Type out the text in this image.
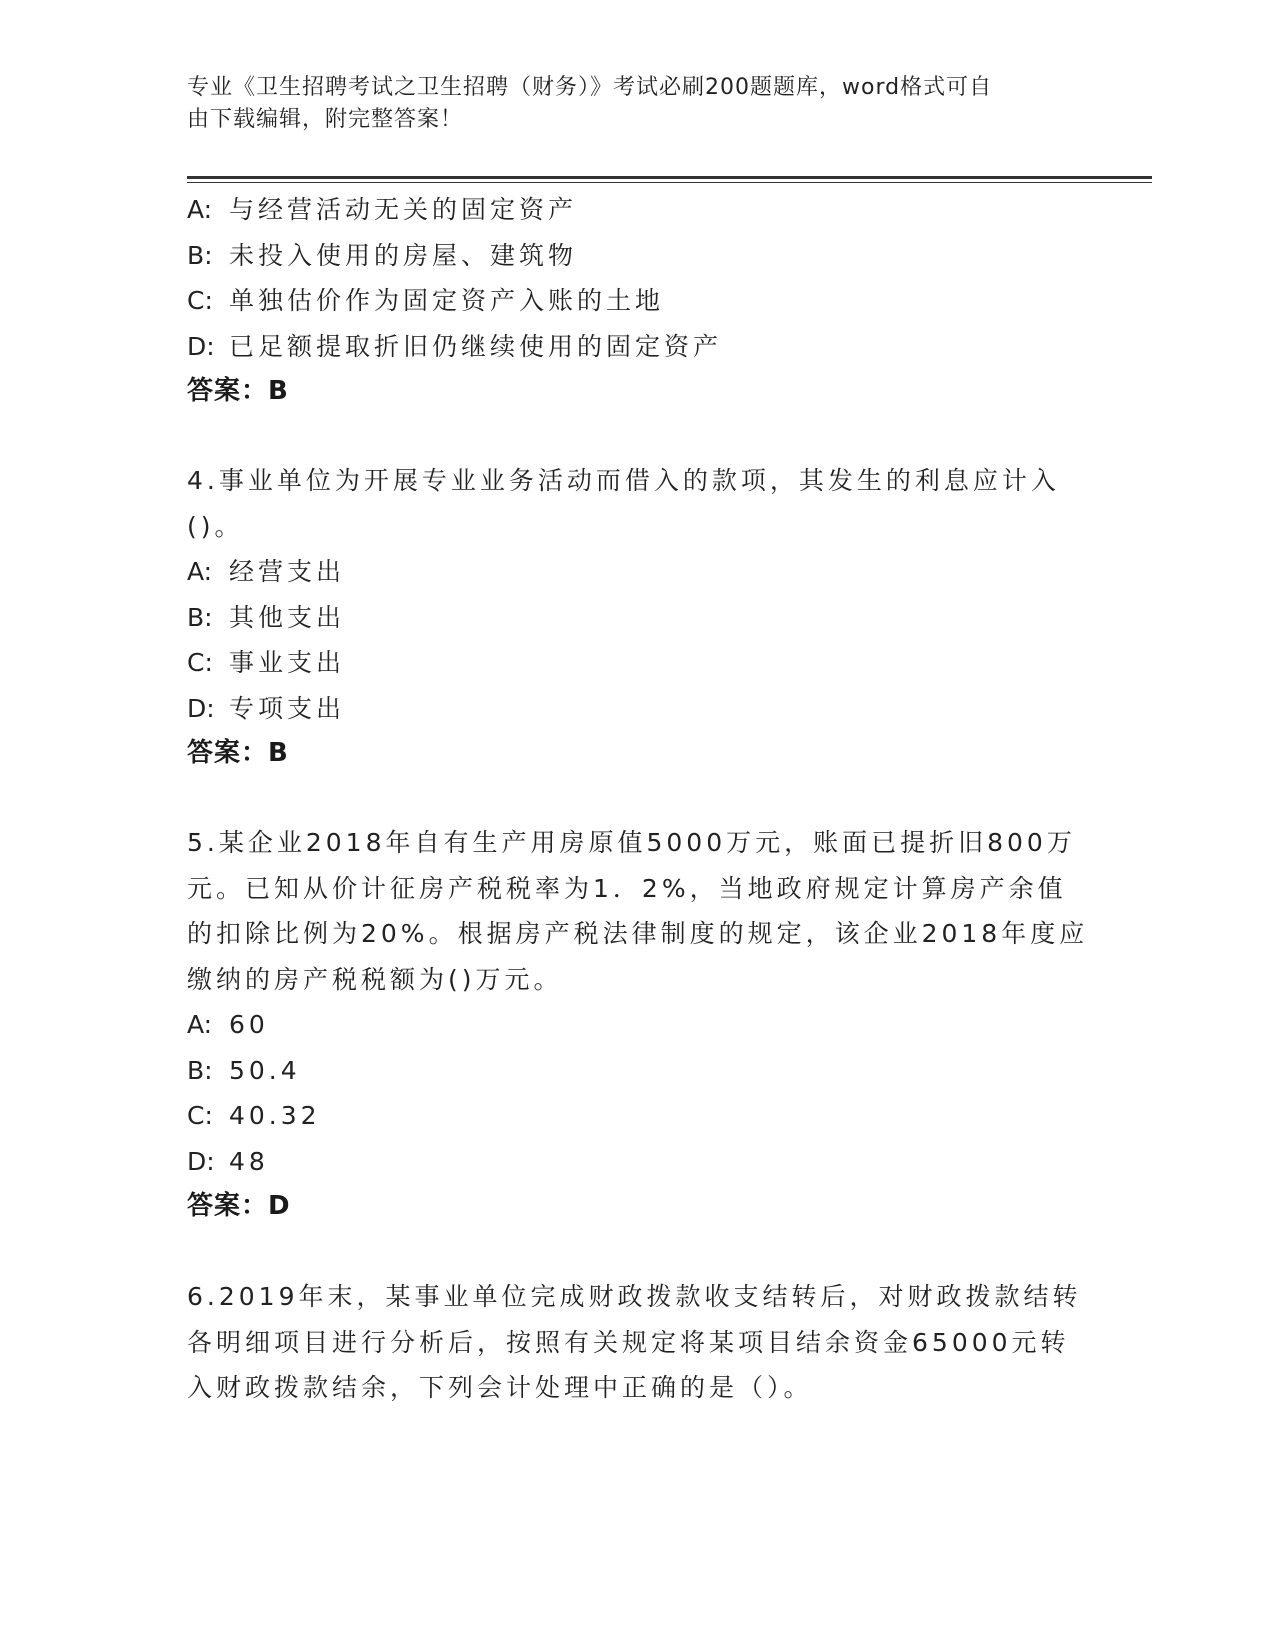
专业《卫生招聘考试之卫生招聘（财务）》考试必刷200题题库，word格式可自
由下载编辑，附完整答案！
A: 与经营活动无关的固定资产
B: 未投入使用的房屋、建筑物
C: 单独估价作为固定资产入账的土地
D: 已足额提取折旧仍继续使用的固定资产
答案：B
4.事业单位为开展专业业务活动而借入的款项，其发生的利息应计入
()。
A: 经营支出
B: 其他支出
C: 事业支出
D: 专项支出
答案：B
5.某企业2018年自有生产用房原值5000万元，账面已提折旧800万
元。已知从价计征房产税税率为1．2%，当地政府规定计算房产余值
的扣除比例为20%。根据房产税法律制度的规定，该企业2018年度应
缴纳的房产税税额为()万元。
A: 60
B: 50.4
C: 40.32
D: 48
答案：D
6.2019年末，某事业单位完成财政拨款收支结转后，对财政拨款结转
各明细项目进行分析后，按照有关规定将某项目结余资金65000元转
入财政拨款结余，下列会计处理中正确的是（）。
